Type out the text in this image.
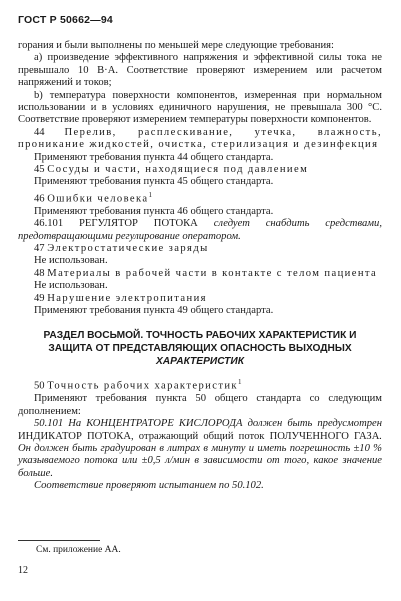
ГОСТ Р 50662—94

горания и были выполнены по меньшей мере следующие требования:

a) произведение эффективного напряжения и эффективной силы тока не превышало 10 В·А. Соответствие проверяют измерением или расчетом напряжений и токов;

b) температура поверхности компонентов, измеренная при нормальном использовании и в условиях единичного нарушения, не превышала 300 °С. Соответствие проверяют измерением температуры поверхности компонентов.

44 Перелив, расплескивание, утечка, влажность, проникание жидкостей, очистка, стерилизация и дезинфекция

Применяют требования пункта 44 общего стандарта.

45 Сосуды и части, находящиеся под давлением

Применяют требования пункта 45 общего стандарта.

46 Ошибки человека$^1$

Применяют требования пункта 46 общего стандарта.

46.101 РЕГУЛЯТОР ПОТОКА следует снабдить средствами, предотвращающими регулирование оператором.

47 Электростатические заряды

Не использован.

48 Материалы в рабочей части в контакте с телом пациента

Не использован.

49 Нарушение электропитания

Применяют требования пункта 49 общего стандарта.

РАЗДЕЛ ВОСЬМОЙ. ТОЧНОСТЬ РАБОЧИХ ХАРАКТЕРИСТИК И
ЗАЩИТА ОТ ПРЕДСТАВЛЯЮЩИХ ОПАСНОСТЬ ВЫХОДНЫХ
ХАРАКТЕРИСТИК

50 Точность рабочих характеристик$^1$

Применяют требования пункта 50 общего стандарта со следующим дополнением:

50.101 На КОНЦЕНТРАТОРЕ КИСЛОРОДА должен быть предусмотрен ИНДИКАТОР ПОТОКА, отражающий общий поток ПОЛУЧЕННОГО ГАЗА. Он должен быть градуирован в литрах в минуту и иметь погрешность ±10 % указываемого потока или ±0,5 л/мин в зависимости от того, какое значение больше.

Соответствие проверяют испытанием по 50.102.

См. приложение АА.
12
